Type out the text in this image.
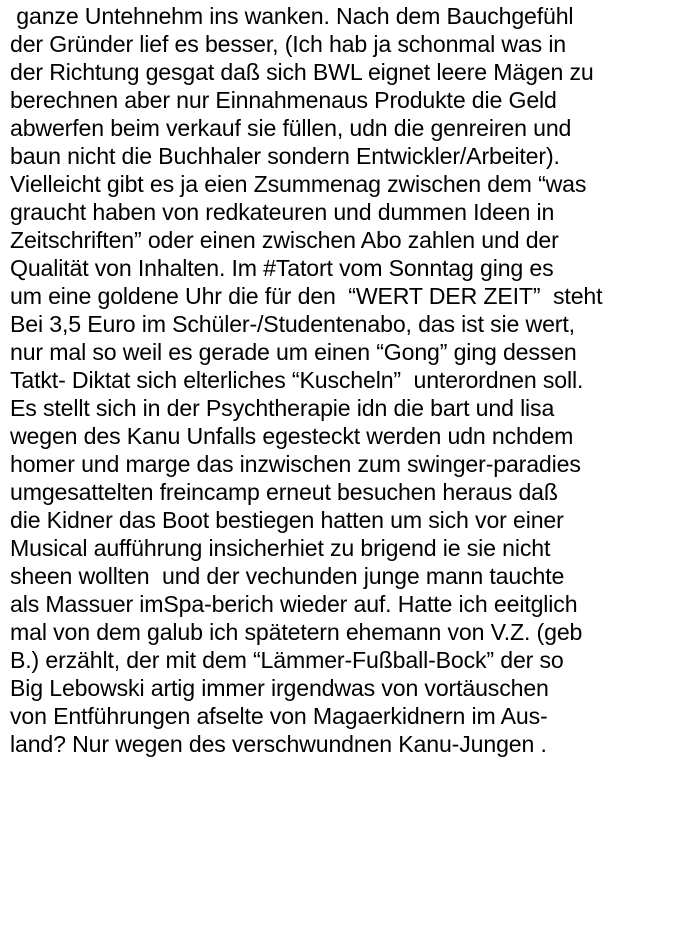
ganze Untehnehm ins wanken. Nach dem Bauchgefühl
der Gründer lief es besser, (Ich hab ja schonmal was in
der Richtung gesgat daß sich BWL eignet leere Mägen zu
berechnen aber nur Einnahmenaus Produkte die Geld
abwerfen beim verkauf sie füllen, udn die genreiren und
baun nicht die Buchhaler sondern Entwickler/Arbeiter).
Vielleicht gibt es ja eien Zsummenag zwischen dem “was
graucht haben von redkateuren und dummen Ideen in
Zeitschriften” oder einen zwischen Abo zahlen und der
Qualität von Inhalten. Im #Tatort vom Sonntag ging es
um eine goldene Uhr die für den  “WERT DER ZEIT”  steht
Bei 3,5 Euro im Schüler-/Studentenabo, das ist sie wert,
nur mal so weil es gerade um einen “Gong” ging dessen
Tatkt- Diktat sich elterliches “Kuscheln”  unterordnen soll.
Es stellt sich in der Psychtherapie idn die bart und lisa
wegen des Kanu Unfalls egesteckt werden udn nchdem
homer und marge das inzwischen zum swinger-paradies
umgesattelten freincamp erneut besuchen heraus daß
die Kidner das Boot bestiegen hatten um sich vor einer
Musical aufführung insicherhiet zu brigend ie sie nicht
sheen wollten  und der vechunden junge mann tauchte
als Massuer imSpa-berich wieder auf. Hatte ich eeitglich
mal von dem galub ich spätetern ehemann von V.Z. (geb
B.) erzählt, der mit dem “Lämmer-Fußball-Bock” der so
Big Lebowski artig immer irgendwas von vortäuschen
von Entführungen afselte von Magaerkidnern im Aus-
land? Nur wegen des verschwundnen Kanu-Jungen .
